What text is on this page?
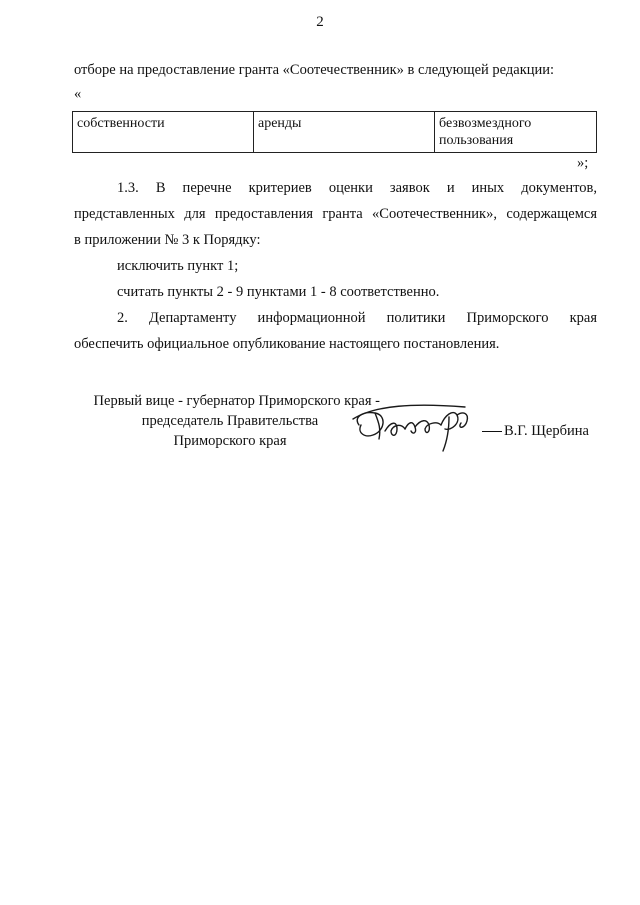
2
отборе на предоставление гранта «Соотечественник» в следующей редакции:
«
собственности	аренды	безвозмездного пользования
»;
1.3. В перечне критериев оценки заявок и иных документов,
представленных для предоставления гранта «Соотечественник», содержащемся
в приложении № 3 к Порядку:
исключить пункт 1;
считать пункты 2 - 9 пунктами 1 - 8 соответственно.
2. Департаменту информационной политики Приморского края
обеспечить официальное опубликование настоящего постановления.
Первый вице - губернатор Приморского края -
председатель Правительства
Приморского края
В.Г. Щербина
